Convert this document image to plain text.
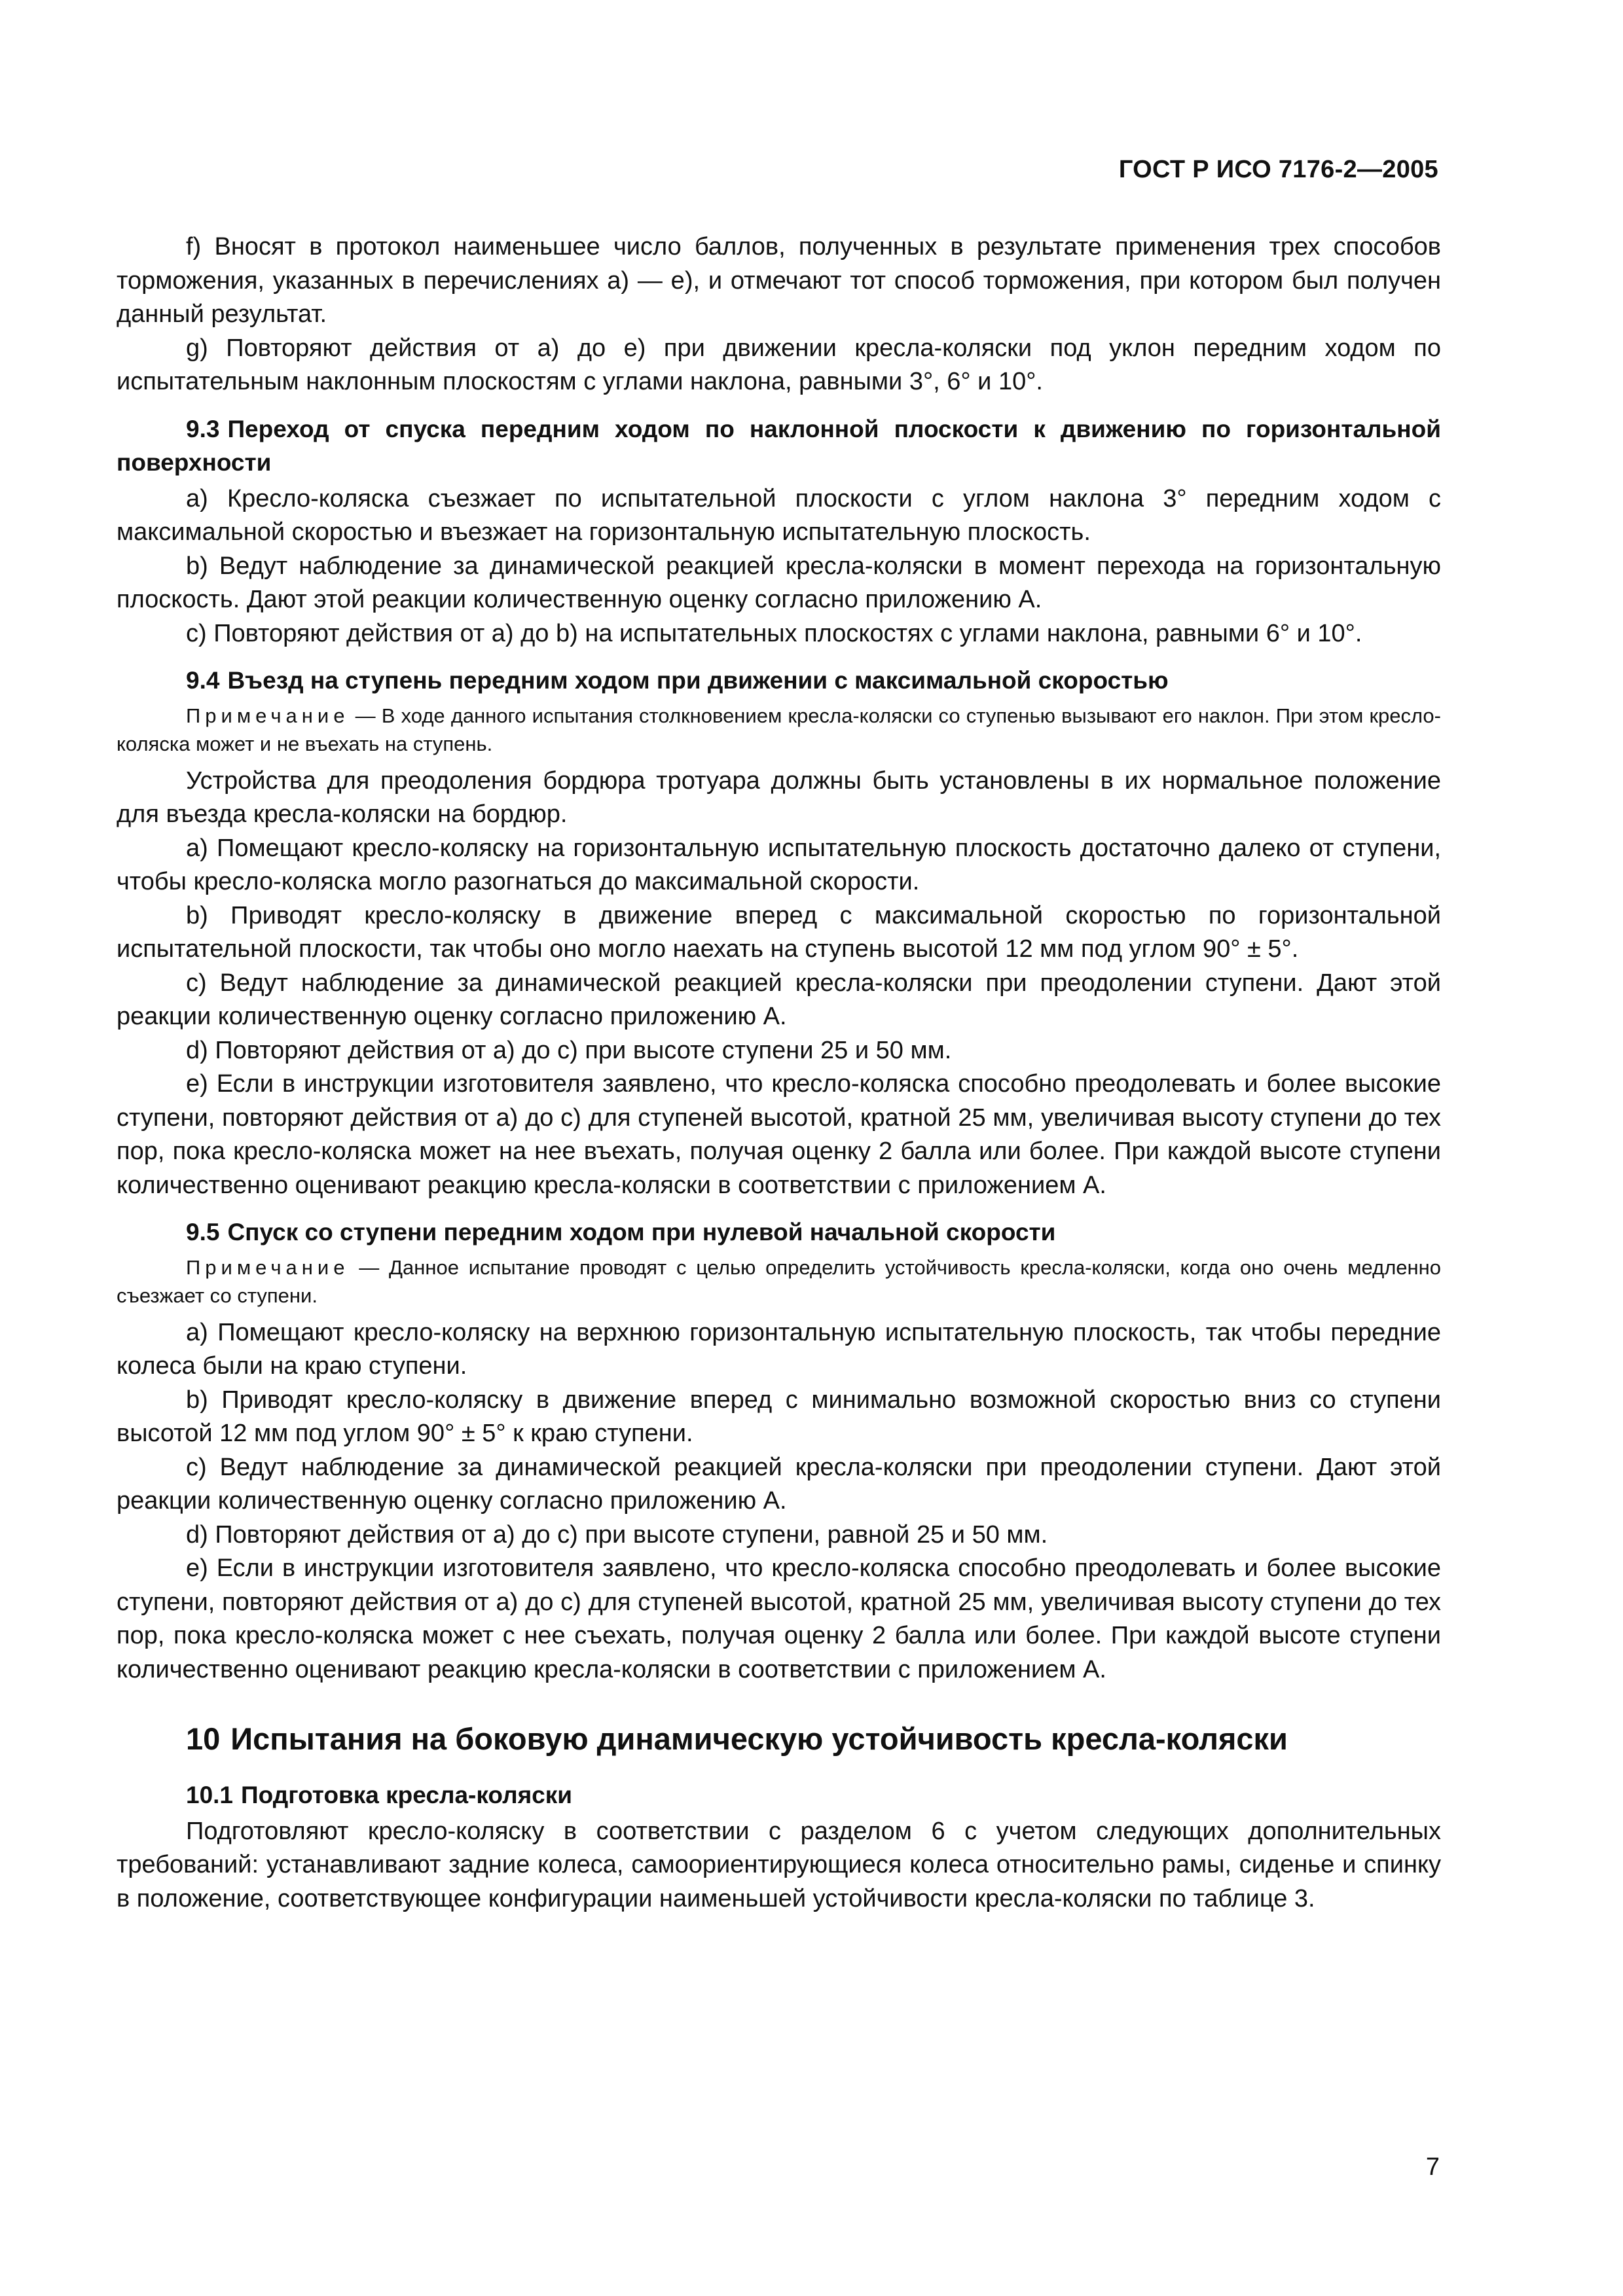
ГОСТ Р ИСО 7176-2—2005

f) Вносят в протокол наименьшее число баллов, полученных в результате применения трех способов торможения, указанных в перечислениях а) — е), и отмечают тот способ торможения, при котором был получен данный результат.

g) Повторяют действия от а) до е) при движении кресла-коляски под уклон передним ходом по испытательным наклонным плоскостям с углами наклона, равными 3°, 6° и 10°.

9.3 Переход от спуска передним ходом по наклонной плоскости к движению по горизонтальной поверхности

а) Кресло-коляска съезжает по испытательной плоскости с углом наклона 3° передним ходом с максимальной скоростью и въезжает на горизонтальную испытательную плоскость.

b) Ведут наблюдение за динамической реакцией кресла-коляски в момент перехода на горизонтальную плоскость. Дают этой реакции количественную оценку согласно приложению А.

с) Повторяют действия от а) до b) на испытательных плоскостях с углами наклона, равными 6° и 10°.

9.4 Въезд на ступень передним ходом при движении с максимальной скоростью

Примечание — В ходе данного испытания столкновением кресла-коляски со ступенью вызывают его наклон. При этом кресло-коляска может и не въехать на ступень.

Устройства для преодоления бордюра тротуара должны быть установлены в их нормальное положение для въезда кресла-коляски на бордюр.

а) Помещают кресло-коляску на горизонтальную испытательную плоскость достаточно далеко от ступени, чтобы кресло-коляска могло разогнаться до максимальной скорости.

b) Приводят кресло-коляску в движение вперед с максимальной скоростью по горизонтальной испытательной плоскости, так чтобы оно могло наехать на ступень высотой 12 мм под углом 90° ± 5°.

с) Ведут наблюдение за динамической реакцией кресла-коляски при преодолении ступени. Дают этой реакции количественную оценку согласно приложению А.

d) Повторяют действия от а) до с) при высоте ступени 25 и 50 мм.

е) Если в инструкции изготовителя заявлено, что кресло-коляска способно преодолевать и более высокие ступени, повторяют действия от а) до с) для ступеней высотой, кратной 25 мм, увеличивая высоту ступени до тех пор, пока кресло-коляска может на нее въехать, получая оценку 2 балла или более. При каждой высоте ступени количественно оценивают реакцию кресла-коляски в соответствии с приложением А.

9.5 Спуск со ступени передним ходом при нулевой начальной скорости

Примечание — Данное испытание проводят с целью определить устойчивость кресла-коляски, когда оно очень медленно съезжает со ступени.

а) Помещают кресло-коляску на верхнюю горизонтальную испытательную плоскость, так чтобы передние колеса были на краю ступени.

b) Приводят кресло-коляску в движение вперед с минимально возможной скоростью вниз со ступени высотой 12 мм под углом 90° ± 5° к краю ступени.

с) Ведут наблюдение за динамической реакцией кресла-коляски при преодолении ступени. Дают этой реакции количественную оценку согласно приложению А.

d) Повторяют действия от а) до с) при высоте ступени, равной 25 и 50 мм.

е) Если в инструкции изготовителя заявлено, что кресло-коляска способно преодолевать и более высокие ступени, повторяют действия от а) до с) для ступеней высотой, кратной 25 мм, увеличивая высоту ступени до тех пор, пока кресло-коляска может с нее съехать, получая оценку 2 балла или более. При каждой высоте ступени количественно оценивают реакцию кресла-коляски в соответствии с приложением А.

10 Испытания на боковую динамическую устойчивость кресла-коляски
10.1 Подготовка кресла-коляски

Подготовляют кресло-коляску в соответствии с разделом 6 с учетом следующих дополнительных требований: устанавливают задние колеса, самоориентирующиеся колеса относительно рамы, сиденье и спинку в положение, соответствующее конфигурации наименьшей устойчивости кресла-коляски по таблице 3.

7
